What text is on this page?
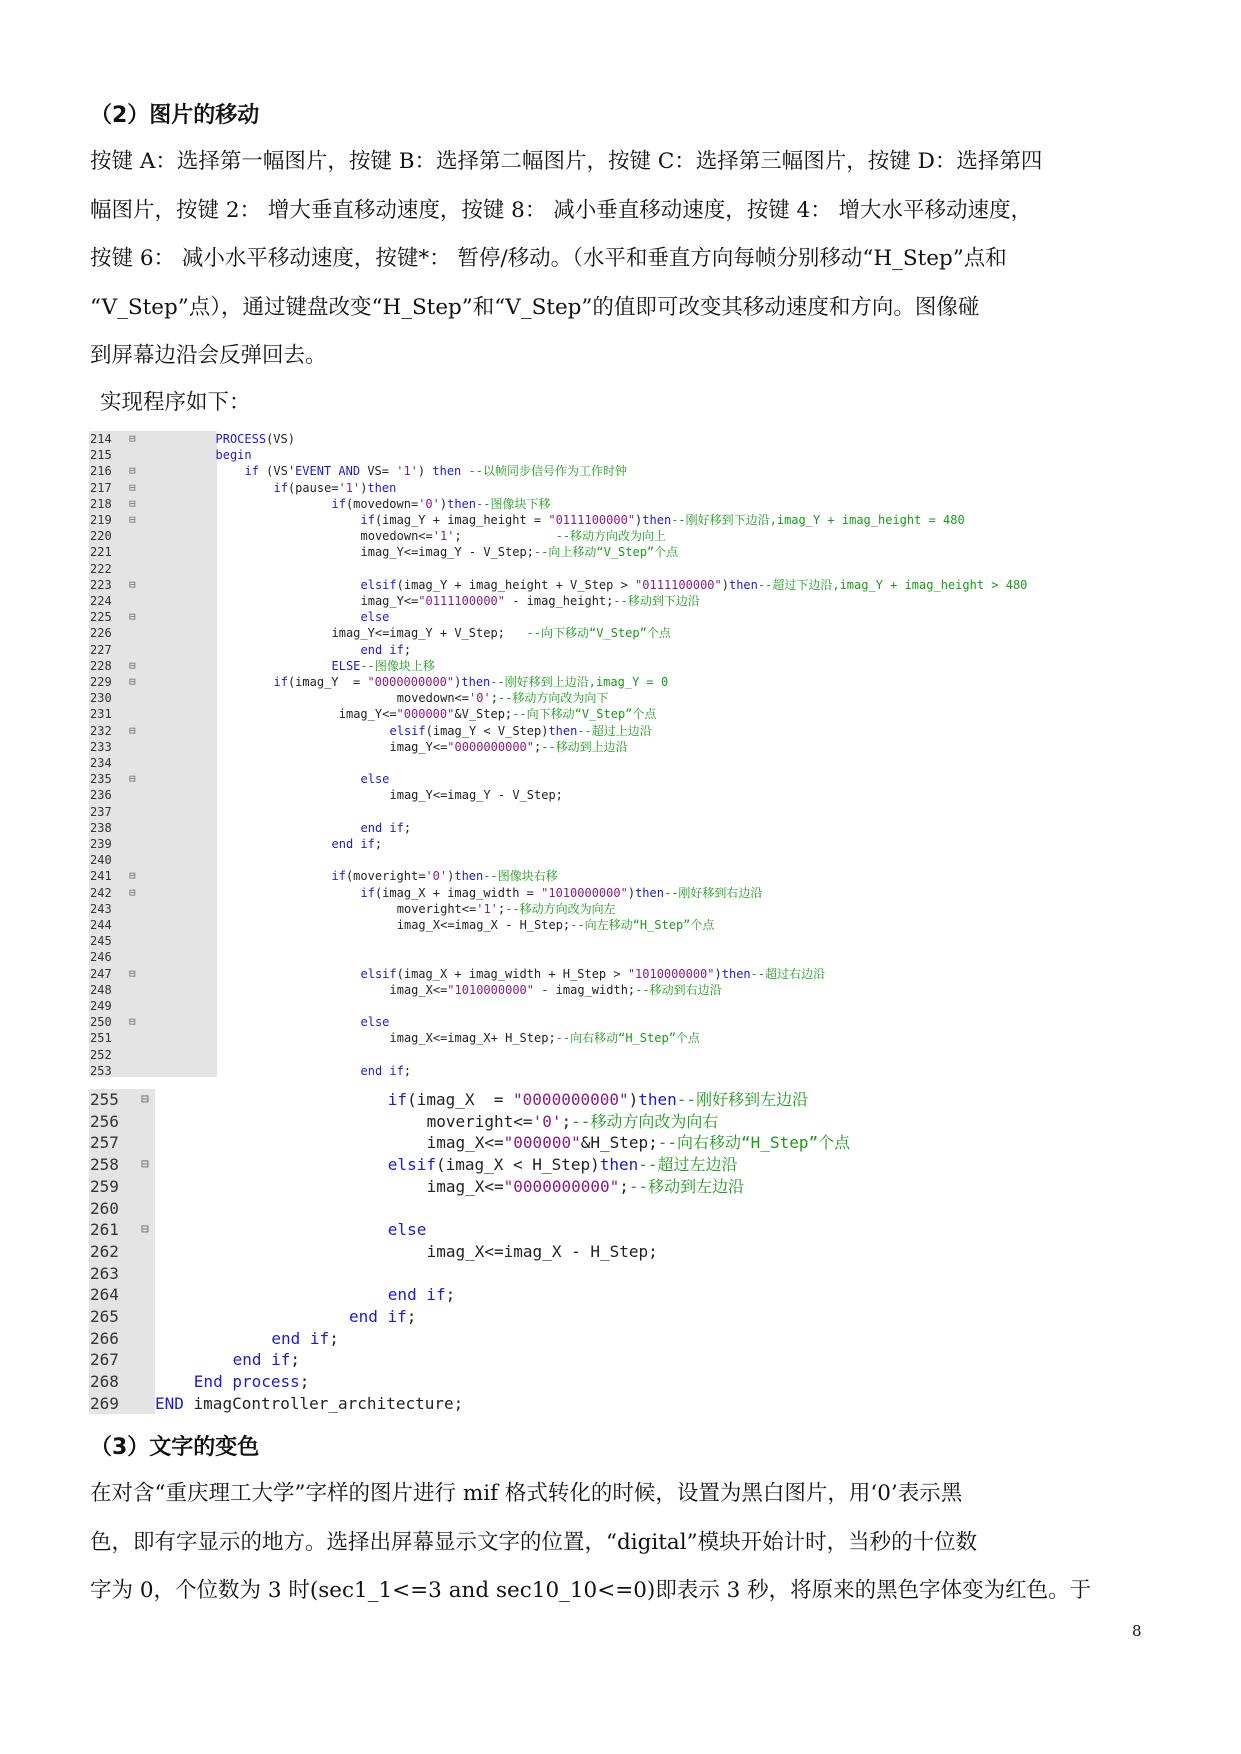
（2）图片的移动

按键 A：选择第一幅图片，按键 B：选择第二幅图片，按键 C：选择第三幅图片，按键 D：选择第四

幅图片，按键 2： 增大垂直移动速度，按键 8： 减小垂直移动速度，按键 4： 增大水平移动速度，

按键 6： 减小水平移动速度，按键*： 暂停/移动。（水平和垂直方向每帧分别移动“H_Step”点和

“V_Step”点），通过键盘改变“H_Step”和“V_Step”的值即可改变其移动速度和方向。图像碰

到屏幕边沿会反弹回去。

实现程序如下：
214 ⊟	PROCESS(VS)
215	begin
216 ⊟	if (VS'EVENT AND VS= '1') then --以帧同步信号作为工作时钟
217 ⊟	if(pause='1')then
218 ⊟	if(movedown='0')then--图像块下移
219 ⊟	if(imag_Y + imag_height = "0111100000")then--刚好移到下边沿,imag_Y + imag_height = 480
220	movedown<='1';             --移动方向改为向上
221	imag_Y<=imag_Y - V_Step;--向上移动“V_Step”个点
222
223 ⊟	elsif(imag_Y + imag_height + V_Step > "0111100000")then--超过下边沿,imag_Y + imag_height > 480
224	imag_Y<="0111100000" - imag_height;--移动到下边沿
225 ⊟	else
226	imag_Y<=imag_Y + V_Step;   --向下移动“V_Step”个点
227	end if;
228 ⊟	ELSE--图像块上移
229 ⊟	if(imag_Y  = "0000000000")then--刚好移到上边沿,imag_Y = 0
230	movedown<='0';--移动方向改为向下
231	imag_Y<="000000"&V_Step;--向下移动“V_Step”个点
232 ⊟	elsif(imag_Y < V_Step)then--超过上边沿
233	imag_Y<="0000000000";--移动到上边沿
234
235 ⊟	else
236	imag_Y<=imag_Y - V_Step;
237
238	end if;
239	end if;
240
241 ⊟	if(moveright='0')then--图像块右移
242 ⊟	if(imag_X + imag_width = "1010000000")then--刚好移到右边沿
243	moveright<='1';--移动方向改为向左
244	imag_X<=imag_X - H_Step;--向左移动“H_Step”个点
245
246
247 ⊟	elsif(imag_X + imag_width + H_Step > "1010000000")then--超过右边沿
248	imag_X<="1010000000" - imag_width;--移动到右边沿
249
250 ⊟	else
251	imag_X<=imag_X+ H_Step;--向右移动“H_Step”个点
252
253	end if;
255 ⊟	if(imag_X  = "0000000000")then--刚好移到左边沿
256	moveright<='0';--移动方向改为向右
257	imag_X<="000000"&H_Step;--向右移动“H_Step”个点
258 ⊟	elsif(imag_X < H_Step)then--超过左边沿
259	imag_X<="0000000000";--移动到左边沿
260
261 ⊟	else
262	imag_X<=imag_X - H_Step;
263
264	end if;
265	end if;
266	end if;
267	end if;
268	End process;
269 END imagController_architecture;
（3）文字的变色

在对含“重庆理工大学”字样的图片进行 mif 格式转化的时候，设置为黑白图片，用‘0’表示黑

色，即有字显示的地方。选择出屏幕显示文字的位置，“digital”模块开始计时，当秒的十位数

字为 0，个位数为 3 时(sec1_1<=3 and sec10_10<=0)即表示 3 秒，将原来的黑色字体变为红色。于

8
